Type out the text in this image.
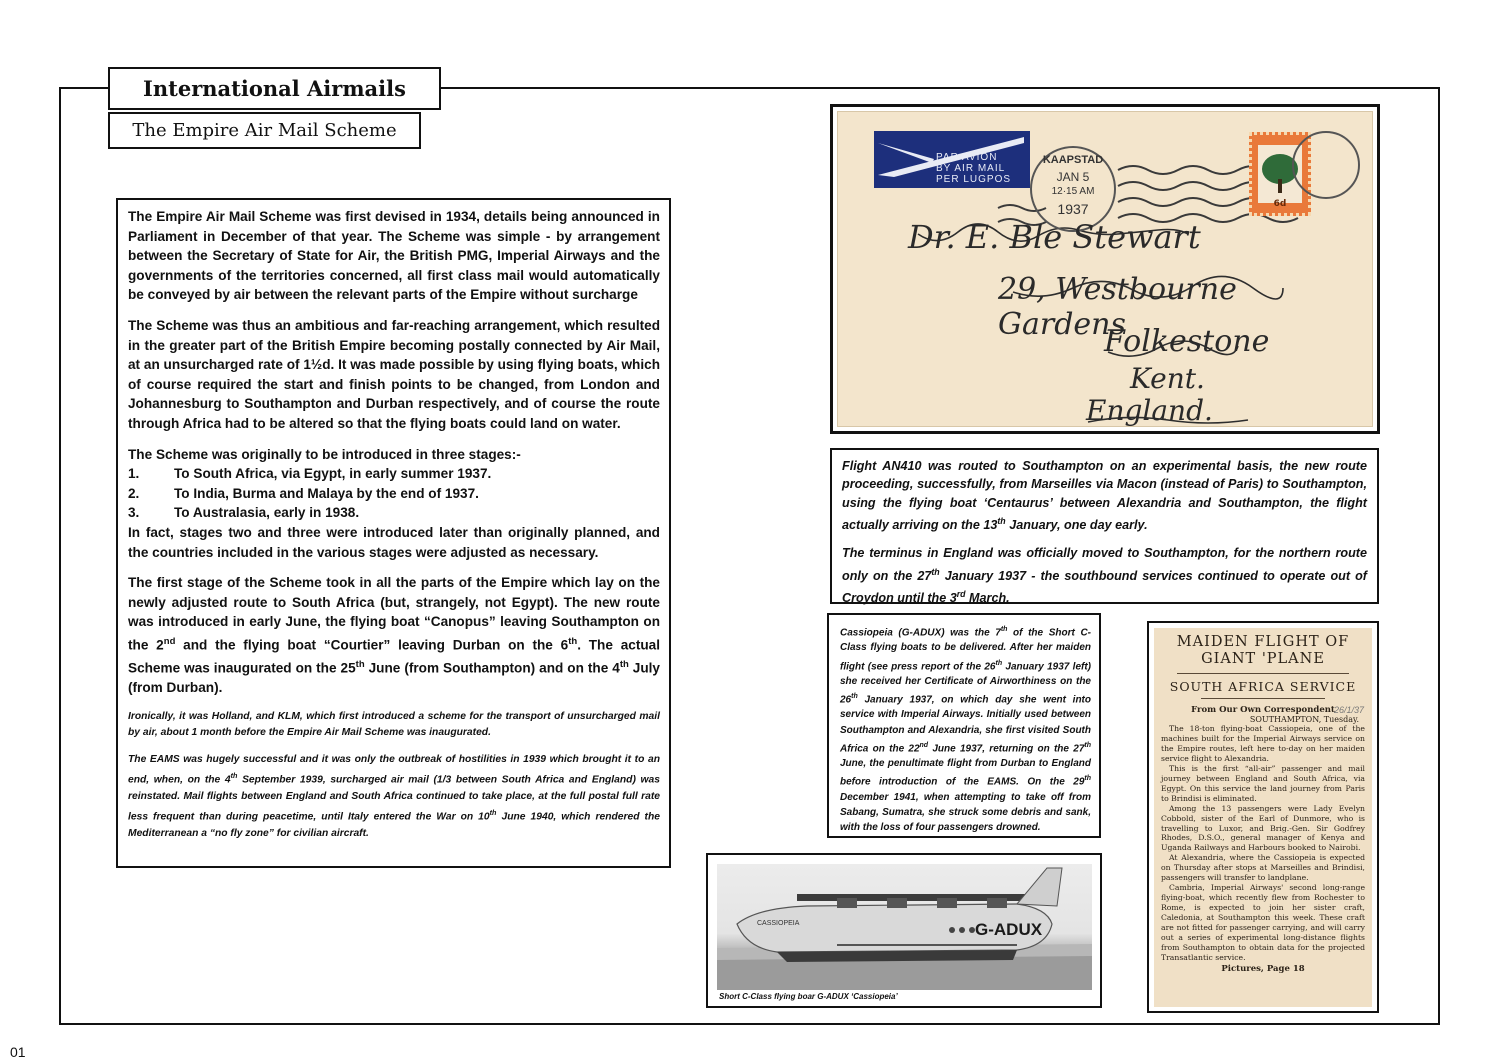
International Airmails
The Empire Air Mail Scheme

The Empire Air Mail Scheme was first devised in 1934, details being announced in Parliament in December of that year. The Scheme was simple - by arrangement between the Secretary of State for Air, the British PMG, Imperial Airways and the governments of the territories concerned, all first class mail would automatically be conveyed by air between the relevant parts of the Empire without surcharge

The Scheme was thus an ambitious and far-reaching arrangement, which resulted in the greater part of the British Empire becoming postally connected by Air Mail, at an unsurcharged rate of 1½d. It was made possible by using flying boats, which of course required the start and finish points to be changed, from London and Johannesburg to Southampton and Durban respectively, and of course the route through Africa had to be altered so that the flying boats could land on water.

The Scheme was originally to be introduced in three stages:-

1.	To South Africa, via Egypt, in early summer 1937.
2.	To India, Burma and Malaya by the end of 1937.
3.	To Australasia, early in 1938.

In fact, stages two and three were introduced later than originally planned, and the countries included in the various stages were adjusted as necessary.

The first stage of the Scheme took in all the parts of the Empire which lay on the newly adjusted route to South Africa (but, strangely, not Egypt). The new route was introduced in early June, the flying boat “Canopus” leaving Southampton on the 2nd and the flying boat “Courtier” leaving Durban on the 6th. The actual Scheme was inaugurated on the 25th June (from Southampton) and on the 4th July (from Durban).

Ironically, it was Holland, and KLM, which first introduced a scheme for the transport of unsurcharged mail by air, about 1 month before the Empire Air Mail Scheme was inaugurated.

The EAMS was hugely successful and it was only the outbreak of hostilities in 1939 which brought it to an end, when, on the 4th September 1939, surcharged air mail (1/3 between South Africa and England) was reinstated. Mail flights between England and South Africa continued to take place, at the full postal full rate less frequent than during peacetime, until Italy entered the War on 10th June 1940, which rendered the Mediterranean a “no fly zone” for civilian aircraft.

PAR AVION
BY AIR MAIL
PER LUGPOS
KAAPSTAD
JAN 5
12·15 AM
1937	6d
Dr. E. Ble Stewart
29, Westbourne Gardens
Folkestone
Kent.
England.

Flight AN410 was routed to Southampton on an experimental basis, the new route proceeding, successfully, from Marseilles via Macon (instead of Paris) to Southampton, using the flying boat ‘Centaurus’ between Alexandria and Southampton, the flight actually arriving on the 13th January, one day early.

The terminus in England was officially moved to Southampton, for the northern route only on the 27th January 1937 - the southbound services continued to operate out of Croydon until the 3rd March.

Cassiopeia (G-ADUX) was the 7th of the Short C-Class flying boats to be delivered. After her maiden flight (see press report of the 26th January 1937 left) she received her Certificate of Airworthiness on the 26th January 1937, on which day she went into service with Imperial Airways. Initially used between Southampton and Alexandria, she first visited South Africa on the 22nd June 1937, returning on the 27th June, the penultimate flight from Durban to England before introduction of the EAMS. On the 29th December 1941, when attempting to take off from Sabang, Sumatra, she struck some debris and sank, with the loss of four passengers drowned.
CASSIOPEIA	G-ADUX
Short C-Class flying boar G-ADUX ‘Cassiopeia’
MAIDEN FLIGHT OF GIANT 'PLANE
SOUTH AFRICA SERVICE
26/1/37
From Our Own Correspondent
SOUTHAMPTON, Tuesday.

The 18-ton flying-boat Cassiopeia, one of the machines built for the Imperial Airways service on the Empire routes, left here to-day on her maiden service flight to Alexandria.

This is the first “all-air” passenger and mail journey between England and South Africa, via Egypt. On this service the land journey from Paris to Brindisi is eliminated.

Among the 13 passengers were Lady Evelyn Cobbold, sister of the Earl of Dunmore, who is travelling to Luxor, and Brig.-Gen. Sir Godfrey Rhodes, D.S.O., general manager of Kenya and Uganda Railways and Harbours booked to Nairobi.

At Alexandria, where the Cassiopeia is expected on Thursday after stops at Marseilles and Brindisi, passengers will transfer to landplane.

Cambria, Imperial Airways' second long-range flying-boat, which recently flew from Rochester to Rome, is expected to join her sister craft, Caledonia, at Southampton this week. These craft are not fitted for passenger carrying, and will carry out a series of experimental long-distance flights from Southampton to obtain data for the projected Transatlantic service.

Pictures, Page 18
01
